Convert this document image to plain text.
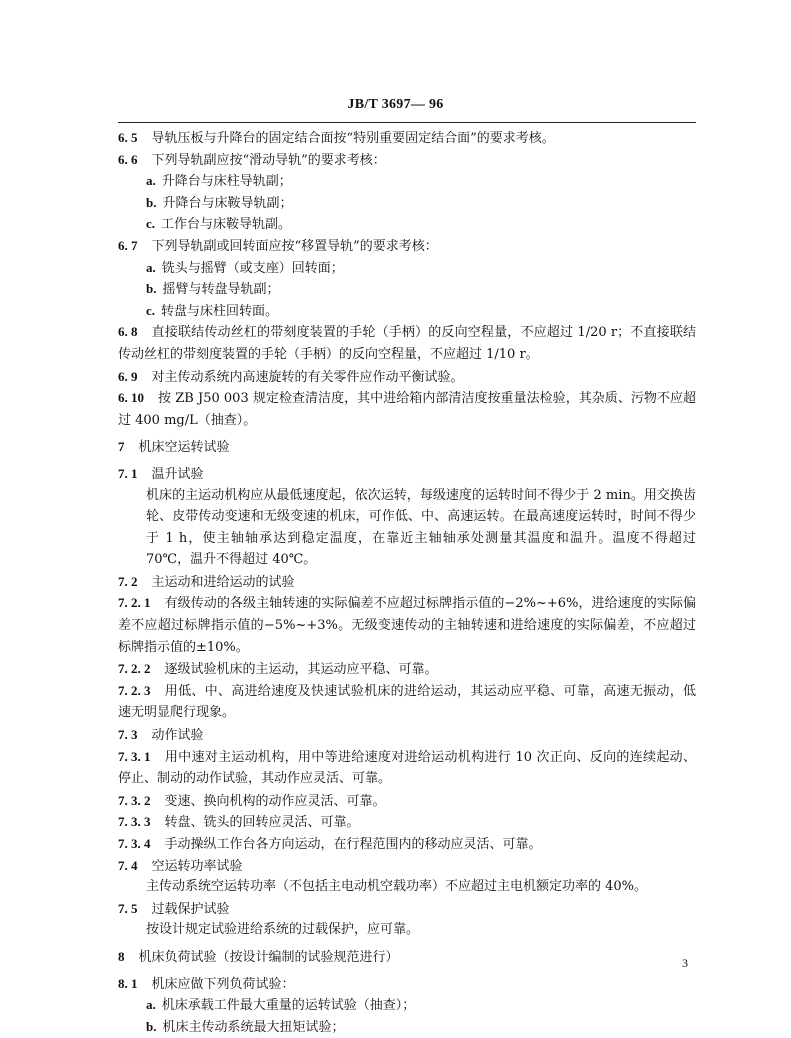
JB/T 3697— 96
6. 5 导轨压板与升降台的固定结合面按“特别重要固定结合面”的要求考核。
6. 6 下列导轨副应按“滑动导轨”的要求考核：
a. 升降台与床柱导轨副；
b. 升降台与床鞍导轨副；
c. 工作台与床鞍导轨副。
6. 7 下列导轨副或回转面应按“移置导轨”的要求考核：
a. 铣头与摇臂（或支座）回转面；
b. 摇臂与转盘导轨副；
c. 转盘与床柱回转面。
6. 8 直接联结传动丝杠的带刻度装置的手轮（手柄）的反向空程量，不应超过 1/20 r；不直接联结传动丝杠的带刻度装置的手轮（手柄）的反向空程量，不应超过 1/10 r。
6. 9 对主传动系统内高速旋转的有关零件应作动平衡试验。
6. 10 按 ZB J50 003 规定检查清洁度，其中进给箱内部清洁度按重量法检验，其杂质、污物不应超过 400 mg/L（抽查）。
7 机床空运转试验
7. 1 温升试验
机床的主运动机构应从最低速度起，依次运转，每级速度的运转时间不得少于 2 min。用交换齿轮、皮带传动变速和无级变速的机床，可作低、中、高速运转。在最高速度运转时，时间不得少于 1 h，使主轴轴承达到稳定温度，在靠近主轴轴承处测量其温度和温升。温度不得超过 70℃，温升不得超过 40℃。
7. 2 主运动和进给运动的试验
7. 2. 1 有级传动的各级主轴转速的实际偏差不应超过标牌指示值的−2%~+6%，进给速度的实际偏差不应超过标牌指示值的−5%~+3%。无级变速传动的主轴转速和进给速度的实际偏差，不应超过标牌指示值的±10%。
7. 2. 2 逐级试验机床的主运动，其运动应平稳、可靠。
7. 2. 3 用低、中、高进给速度及快速试验机床的进给运动，其运动应平稳、可靠，高速无振动，低速无明显爬行现象。
7. 3 动作试验
7. 3. 1 用中速对主运动机构，用中等进给速度对进给运动机构进行 10 次正向、反向的连续起动、停止、制动的动作试验，其动作应灵活、可靠。
7. 3. 2 变速、换向机构的动作应灵活、可靠。
7. 3. 3 转盘、铣头的回转应灵活、可靠。
7. 3. 4 手动操纵工作台各方向运动，在行程范围内的移动应灵活、可靠。
7. 4 空运转功率试验
主传动系统空运转功率（不包括主电动机空载功率）不应超过主电机额定功率的 40%。
7. 5 过载保护试验
按设计规定试验进给系统的过载保护，应可靠。
8 机床负荷试验（按设计编制的试验规范进行）
8. 1 机床应做下列负荷试验：
a. 机床承载工件最大重量的运转试验（抽查）；
b. 机床主传动系统最大扭矩试验；
3
